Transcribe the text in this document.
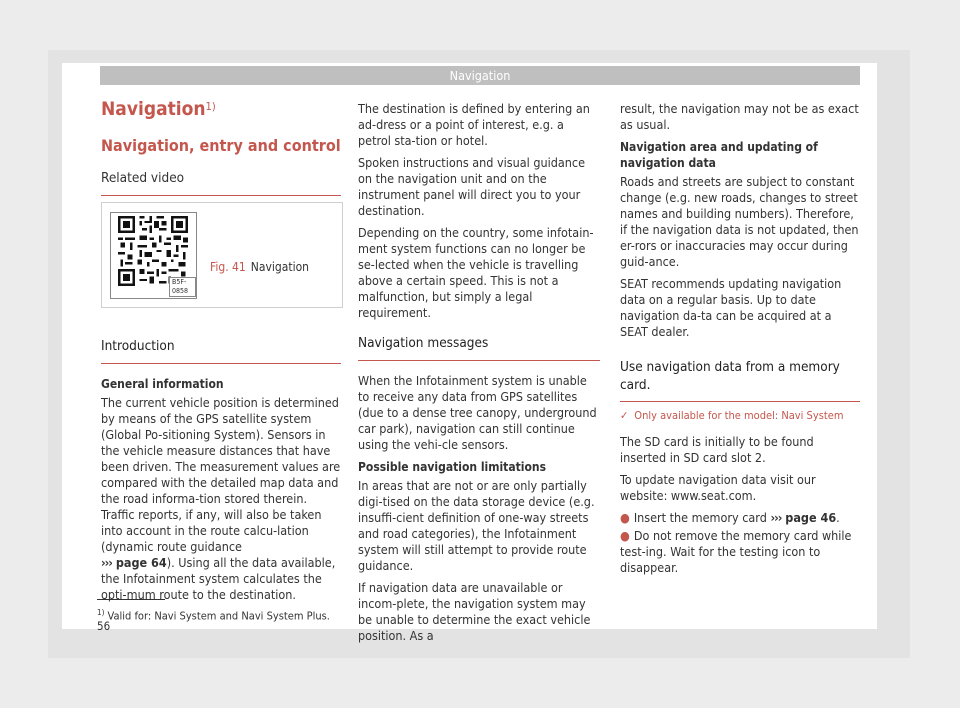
Navigation
Navigation$^{1)}$
Navigation, entry and control
Related video
B5F-0858
Fig. 41 Navigation
Introduction
General information

The current vehicle position is determined by means of the GPS satellite system (Global Po-sitioning System). Sensors in the vehicle measure distances that have been driven. The measurement values are compared with the detailed map data and the road informa-tion stored therein. Traffic reports, if any, will also be taken into account in the route calcu-lation (dynamic route guidance
››› page 64). Using all the data available, the Infotainment system calculates the opti-mum route to the destination.

The destination is defined by entering an ad-dress or a point of interest, e.g. a petrol sta-tion or hotel.

Spoken instructions and visual guidance on the navigation unit and on the instrument panel will direct you to your destination.

Depending on the country, some infotain-ment system functions can no longer be se-lected when the vehicle is travelling above a certain speed. This is not a malfunction, but simply a legal requirement.

Navigation messages

When the Infotainment system is unable to receive any data from GPS satellites (due to a dense tree canopy, underground car park), navigation can still continue using the vehi-cle sensors.

Possible navigation limitations

In areas that are not or are only partially digi-tised on the data storage device (e.g. insuffi-cient definition of one-way streets and road categories), the Infotainment system will still attempt to provide route guidance.

If navigation data are unavailable or incom-plete, the navigation system may be unable to determine the exact vehicle position. As a

result, the navigation may not be as exact as usual.

Navigation area and updating of navigation data

Roads and streets are subject to constant change (e.g. new roads, changes to street names and building numbers). Therefore, if the navigation data is not updated, then er-rors or inaccuracies may occur during guid-ance.

SEAT recommends updating navigation data on a regular basis. Up to date navigation da-ta can be acquired at a SEAT dealer.

Use navigation data from a memory card.
✓ Only available for the model: Navi System

The SD card is initially to be found inserted in SD card slot 2.

To update navigation data visit our website: www.seat.com.

● Insert the memory card ››› page 46.

● Do not remove the memory card while test-ing. Wait for the testing icon to disappear.

$^{1)}$ Valid for: Navi System and Navi System Plus.
56
